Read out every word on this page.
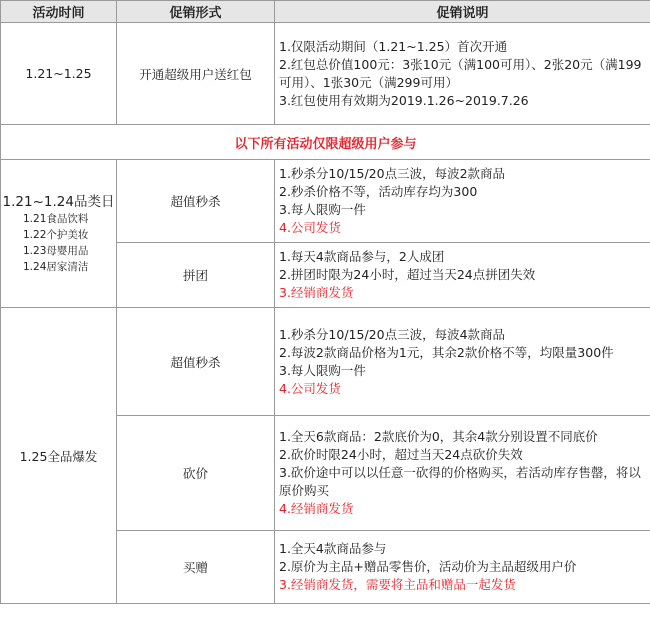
活动时间	促销形式	促销说明
1.21~1.25	开通超级用户送红包	1.仅限活动期间（1.21~1.25）首次开通
2.红包总价值100元：3张10元（满100可用）、2张20元（满199可用）、1张30元（满299可用）
3.红包使用有效期为2019.1.26~2019.7.26

以下所有活动仅限超级用户参与		

1.21~1.24品类日
1.21食品饮料
1.22个护美妆
1.23母婴用品
1.24居家清洁	超值秒杀	1.秒杀分10/15/20点三波，每波2款商品
2.秒杀价格不等，活动库存均为300
3.每人限购一件
4.公司发货

	拼团	1.每天4款商品参与，2人成团
2.拼团时限为24小时，超过当天24点拼团失效
3.经销商发货

1.25全品爆发	超值秒杀	1.秒杀分10/15/20点三波，每波4款商品
2.每波2款商品价格为1元，其余2款价格不等，均限量300件
3.每人限购一件
4.公司发货

	砍价	1.全天6款商品：2款底价为0，其余4款分别设置不同底价
2.砍价时限24小时，超过当天24点砍价失效
3.砍价途中可以以任意一砍得的价格购买，若活动库存售罄，将以原价购买
4.经销商发货

	买赠	1.全天4款商品参与
2.原价为主品+赠品零售价，活动价为主品超级用户价
3.经销商发货，需要将主品和赠品一起发货
